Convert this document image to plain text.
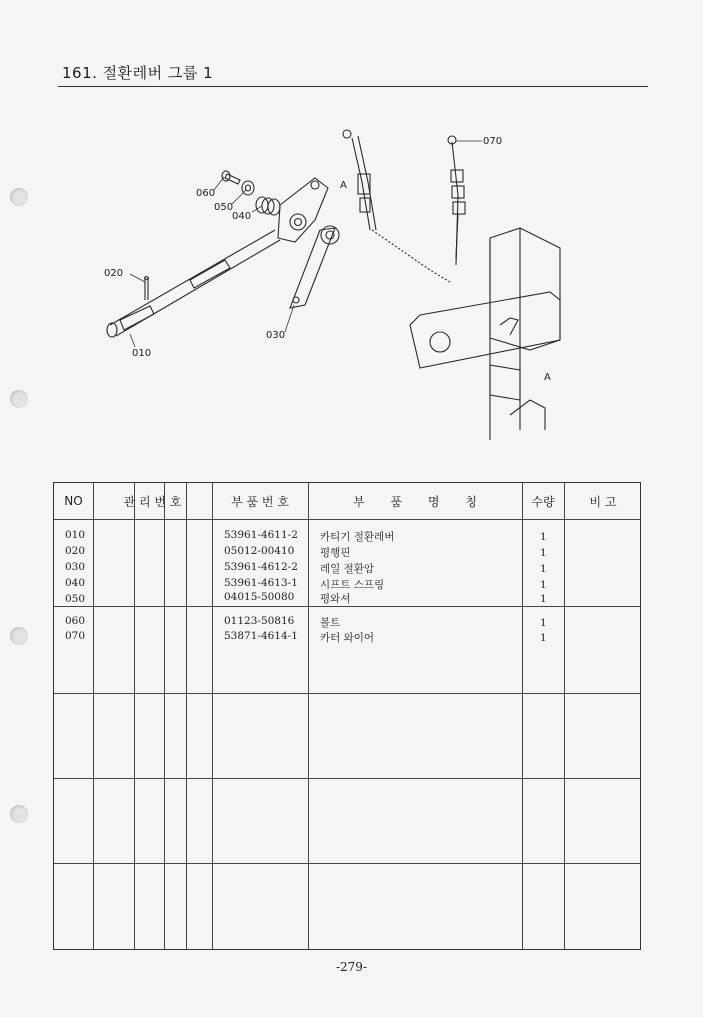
161. 절환레버 그룹 1
060
050
040
020
010
030
070
A
A
NO	관 리 번 호	부 품 번 호	부 품 명 칭	수량	비 고
010	53961-4611-2 카티기 절환레버	1
020	05012-00410 평행핀	1
030	53961-4612-2 레일 절환암	1
040	53961-4613-1 시프트 스프링	1
050	04015-50080 평와셔	1
060	01123-50816 볼트	1
070	53871-4614-1 카터 와이어	1
-279-
